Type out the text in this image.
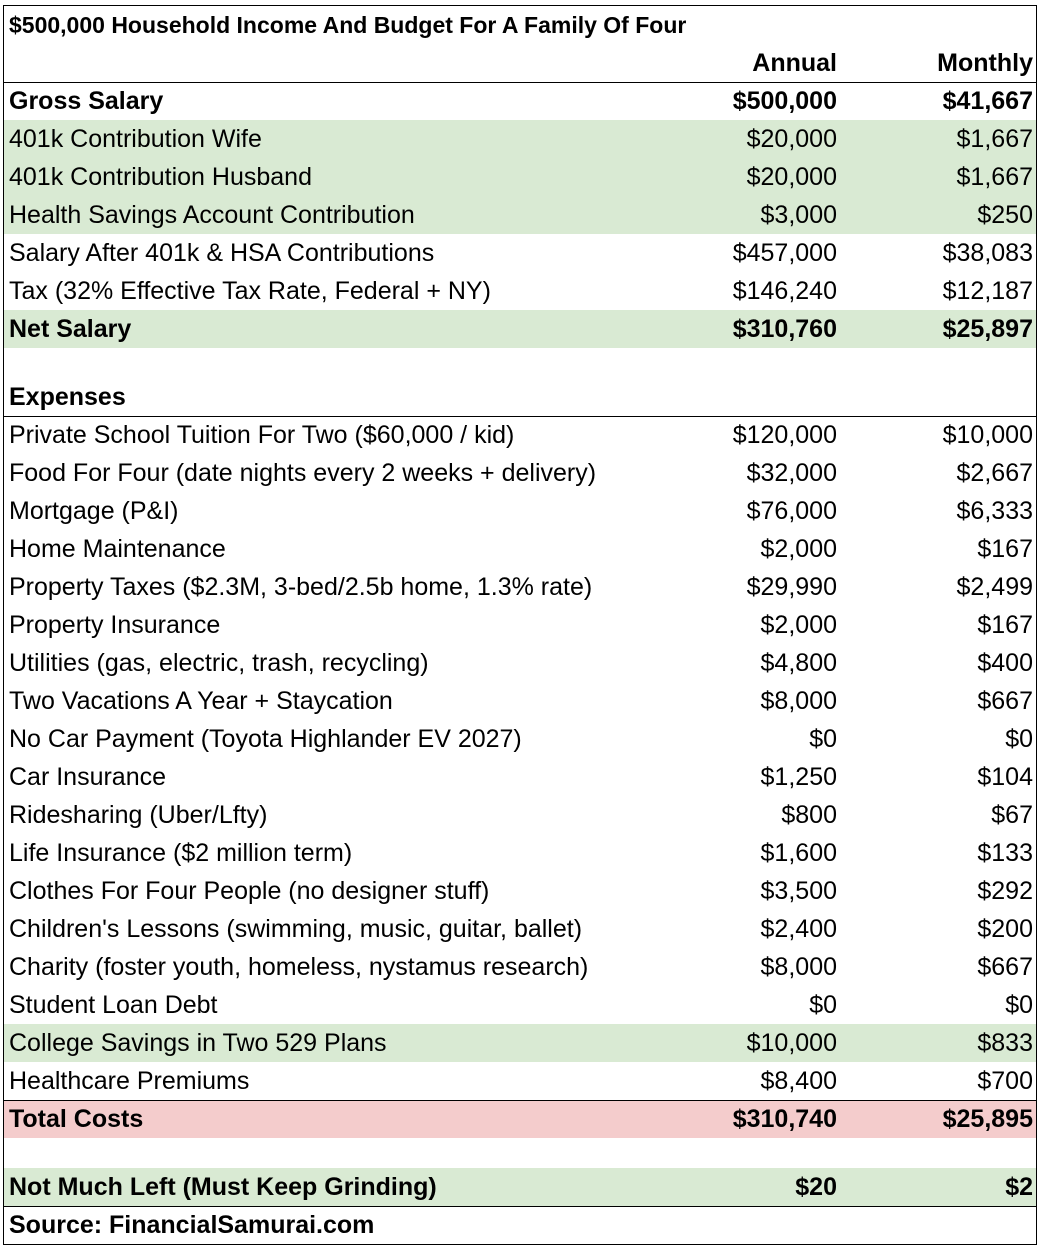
$500,000 Household Income And Budget For A Family Of Four
Annual	Monthly
Gross Salary	$500,000	$41,667
401k Contribution Wife	$20,000	$1,667
401k Contribution Husband	$20,000	$1,667
Health Savings Account Contribution	$3,000	$250
Salary After 401k & HSA Contributions	$457,000	$38,083
Tax (32% Effective Tax Rate, Federal + NY)	$146,240	$12,187
Net Salary	$310,760	$25,897
Expenses
Private School Tuition For Two ($60,000 / kid)	$120,000	$10,000
Food For Four (date nights every 2 weeks + delivery)	$32,000	$2,667
Mortgage (P&I)	$76,000	$6,333
Home Maintenance	$2,000	$167
Property Taxes ($2.3M, 3-bed/2.5b home, 1.3% rate)	$29,990	$2,499
Property Insurance	$2,000	$167
Utilities (gas, electric, trash, recycling)	$4,800	$400
Two Vacations A Year + Staycation	$8,000	$667
No Car Payment (Toyota Highlander EV 2027)	$0	$0
Car Insurance	$1,250	$104
Ridesharing (Uber/Lfty)	$800	$67
Life Insurance ($2 million term)	$1,600	$133
Clothes For Four People (no designer stuff)	$3,500	$292
Children's Lessons (swimming, music, guitar, ballet)	$2,400	$200
Charity (foster youth, homeless, nystamus research)	$8,000	$667
Student Loan Debt	$0	$0
College Savings in Two 529 Plans	$10,000	$833
Healthcare Premiums	$8,400	$700
Total Costs	$310,740	$25,895
Not Much Left (Must Keep Grinding)	$20	$2
Source: FinancialSamurai.com
